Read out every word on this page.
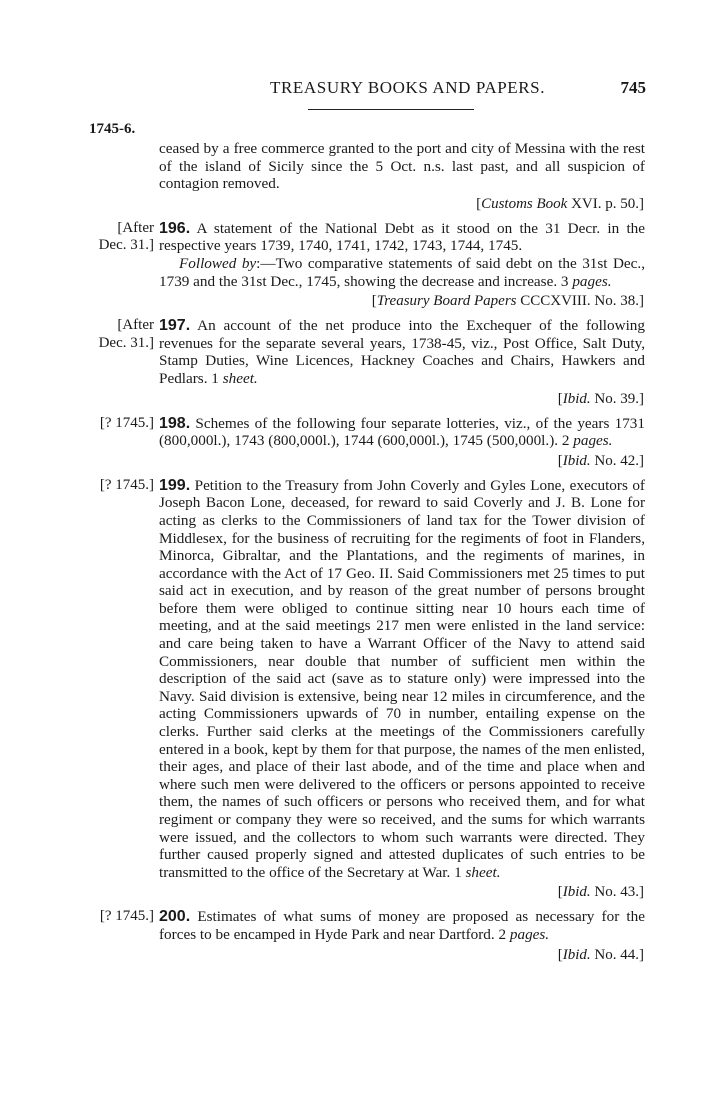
TREASURY BOOKS AND PAPERS.	745
1745-6.
ceased by a free commerce granted to the port and city of Messina with the rest of the island of Sicily since the 5 Oct. n.s. last past, and all suspicion of contagion removed.
[Customs Book XVI. p. 50.]
[After Dec. 31.]
196. A statement of the National Debt as it stood on the 31 Decr. in the respective years 1739, 1740, 1741, 1742, 1743, 1744, 1745.
Followed by:—Two comparative statements of said debt on the 31st Dec., 1739 and the 31st Dec., 1745, showing the decrease and increase. 3 pages.
[Treasury Board Papers CCCXVIII. No. 38.]
[After Dec. 31.]
197. An account of the net produce into the Exchequer of the following revenues for the separate several years, 1738-45, viz., Post Office, Salt Duty, Stamp Duties, Wine Licences, Hackney Coaches and Chairs, Hawkers and Pedlars. 1 sheet.
[Ibid. No. 39.]
[? 1745.] 198. Schemes of the following four separate lotteries, viz., of the years 1731 (800,000l.), 1743 (800,000l.), 1744 (600,000l.), 1745 (500,000l.). 2 pages.
[Ibid. No. 42.]
[? 1745.] 199. Petition to the Treasury from John Coverly and Gyles Lone, executors of Joseph Bacon Lone, deceased, for reward to said Coverly and J. B. Lone for acting as clerks to the Commissioners of land tax for the Tower division of Middlesex, for the business of recruiting for the regiments of foot in Flanders, Minorca, Gibraltar, and the Plantations, and the regiments of marines, in accordance with the Act of 17 Geo. II. Said Commissioners met 25 times to put said act in execution, and by reason of the great number of persons brought before them were obliged to continue sitting near 10 hours each time of meeting, and at the said meetings 217 men were enlisted in the land service: and care being taken to have a Warrant Officer of the Navy to attend said Commissioners, near double that number of sufficient men within the description of the said act (save as to stature only) were impressed into the Navy. Said division is extensive, being near 12 miles in circumference, and the acting Commissioners upwards of 70 in number, entailing expense on the clerks. Further said clerks at the meetings of the Commissioners carefully entered in a book, kept by them for that purpose, the names of the men enlisted, their ages, and place of their last abode, and of the time and place when and where such men were delivered to the officers or persons appointed to receive them, the names of such officers or persons who received them, and for what regiment or company they were so received, and the sums for which warrants were issued, and the collectors to whom such warrants were directed. They further caused properly signed and attested duplicates of such entries to be transmitted to the office of the Secretary at War. 1 sheet.
[Ibid. No. 43.]
[? 1745.] 200. Estimates of what sums of money are proposed as necessary for the forces to be encamped in Hyde Park and near Dartford. 2 pages.
[Ibid. No. 44.]
